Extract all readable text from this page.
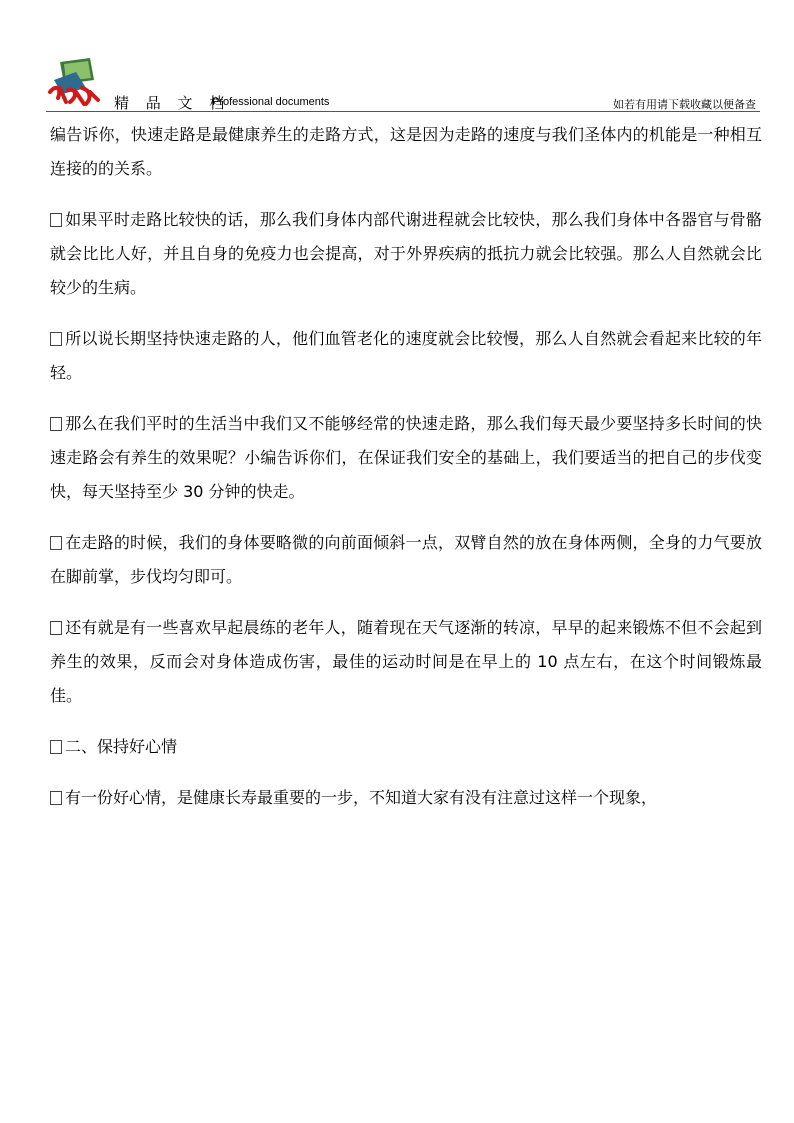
精 品 文 档
Professional documents	如若有用请下载收藏以便备查

编告诉你，快速走路是最健康养生的走路方式，这是因为走路的速度与我们圣体内的机能是一种相互连接的的关系。

如果平时走路比较快的话，那么我们身体内部代谢进程就会比较快，那么我们身体中各器官与骨骼就会比比人好，并且自身的免疫力也会提高，对于外界疾病的抵抗力就会比较强。那么人自然就会比较少的生病。

所以说长期坚持快速走路的人，他们血管老化的速度就会比较慢，那么人自然就会看起来比较的年轻。

那么在我们平时的生活当中我们又不能够经常的快速走路，那么我们每天最少要坚持多长时间的快速走路会有养生的效果呢？小编告诉你们，在保证我们安全的基础上，我们要适当的把自己的步伐变快，每天坚持至少 30 分钟的快走。

在走路的时候，我们的身体要略微的向前面倾斜一点，双臂自然的放在身体两侧，全身的力气要放在脚前掌，步伐均匀即可。

还有就是有一些喜欢早起晨练的老年人，随着现在天气逐渐的转凉，早早的起来锻炼不但不会起到养生的效果，反而会对身体造成伤害，最佳的运动时间是在早上的 10 点左右，在这个时间锻炼最佳。

二、保持好心情

有一份好心情，是健康长寿最重要的一步，不知道大家有没有注意过这样一个现象，
